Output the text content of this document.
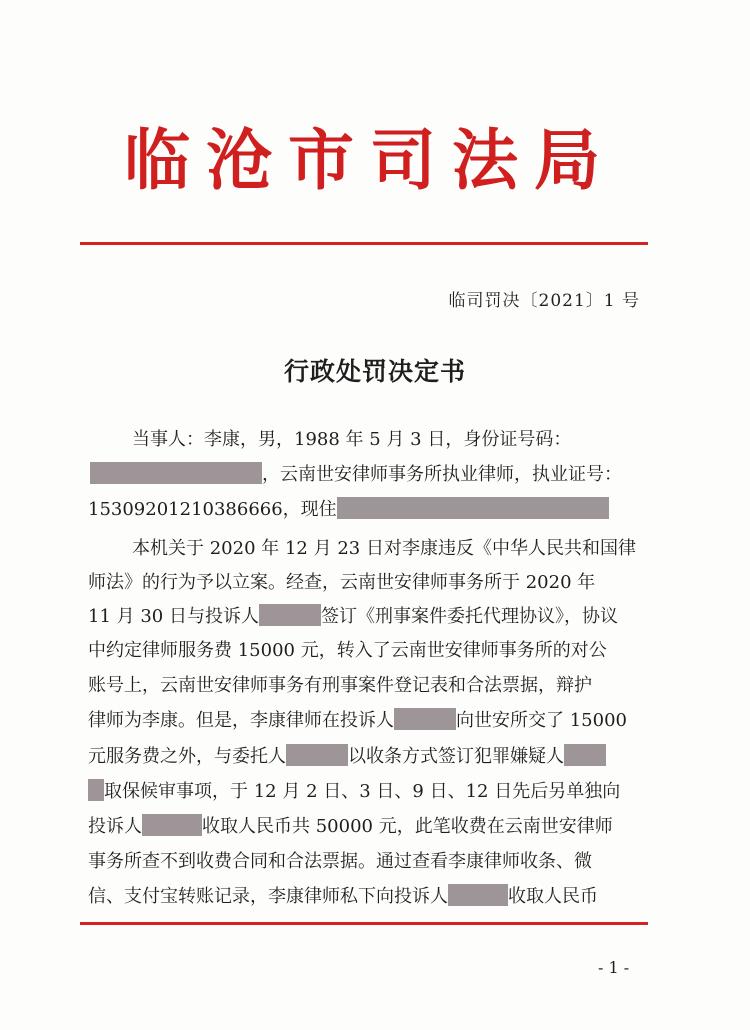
临沧市司法局
临司罚决〔2021〕1 号
行政处罚决定书
当事人：李康，男，1988 年 5 月 3 日，身份证号码：
，云南世安律师事务所执业律师，执业证号：
15309201210386666，现住
本机关于 2020 年 12 月 23 日对李康违反《中华人民共和国律
师法》的行为予以立案。经查，云南世安律师事务所于 2020 年
11 月 30 日与投诉人	签订《刑事案件委托代理协议》，协议
中约定律师服务费 15000 元，转入了云南世安律师事务所的对公
账号上，云南世安律师事务有刑事案件登记表和合法票据，辩护
律师为李康。但是，李康律师在投诉人	向世安所交了 15000
元服务费之外，与委托人	以收条方式签订犯罪嫌疑人
取保候审事项，于 12 月 2 日、3 日、9 日、12 日先后另单独向
投诉人	收取人民币共 50000 元，此笔收费在云南世安律师
事务所查不到收费合同和合法票据。通过查看李康律师收条、微
信、支付宝转账记录，李康律师私下向投诉人	收取人民币
- 1 -
